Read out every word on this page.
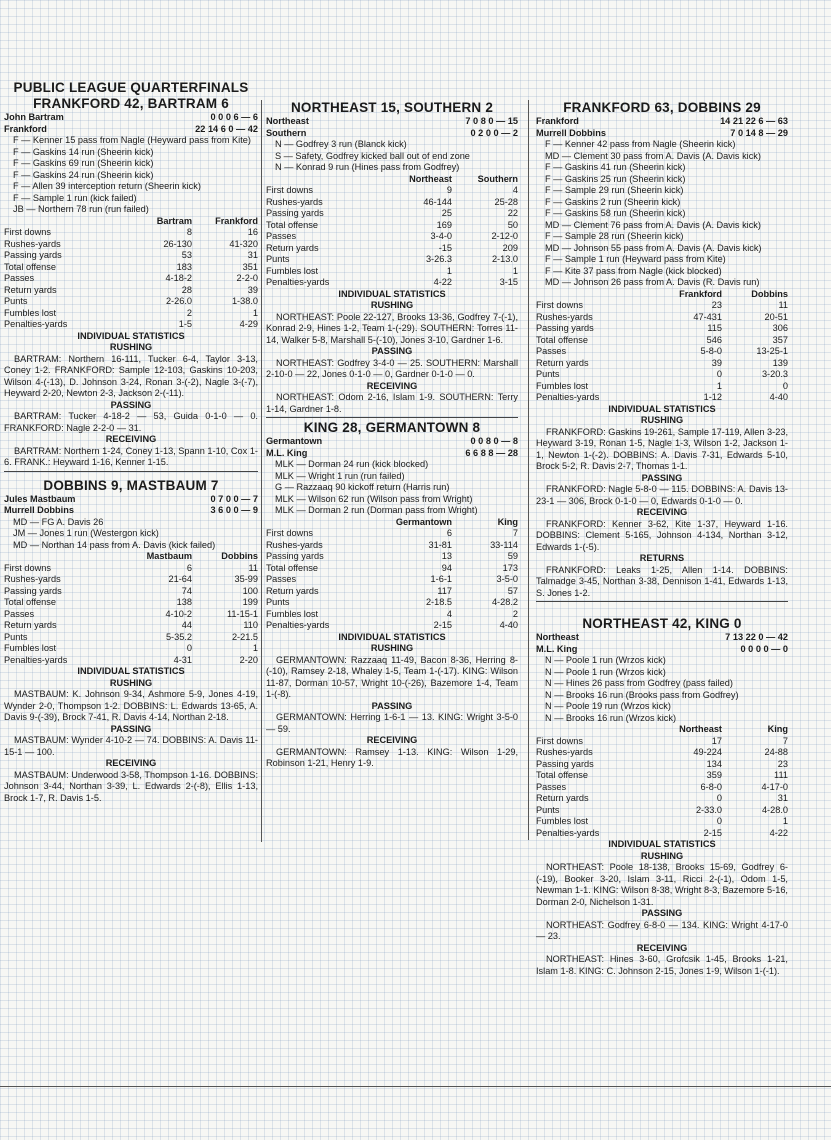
PUBLIC LEAGUE QUARTERFINALS
FRANKFORD 42, BARTRAM 6
John Bartram	0 0 0 6 — 6
Frankford	22 14 6 0 — 42
F — Kenner 15 pass from Nagle (Heyward pass from Kite)
F — Gaskins 14 run (Sheerin kick)
F — Gaskins 69 run (Sheerin kick)
F — Gaskins 24 run (Sheerin kick)
F — Allen 39 interception return (Sheerin kick)
F — Sample 1 run (kick failed)
JB — Northern 78 run (run failed)
Bartram	Frankford
First downs	8	16
Rushes-yards	26-130	41-320
Passing yards	53	31
Total offense	183	351
Passes	4-18-2	2-2-0
Return yards	28	39
Punts	2-26.0	1-38.0
Fumbles lost	2	1
Penalties-yards	1-5	4-29
INDIVIDUAL STATISTICS
RUSHING
BARTRAM: Northern 16-111, Tucker 6-4, Taylor 3-13, Coney 1-2. FRANKFORD: Sample 12-103, Gaskins 10-203, Wilson 4-(-13), D. Johnson 3-24, Ronan 3-(-2), Nagle 3-(-7), Heyward 2-20, Newton 2-3, Jackson 2-(-11).
PASSING
BARTRAM: Tucker 4-18-2 — 53, Guida 0-1-0 — 0. FRANKFORD: Nagle 2-2-0 — 31.
RECEIVING
BARTRAM: Northern 1-24, Coney 1-13, Spann 1-10, Cox 1-6. FRANK.: Heyward 1-16, Kenner 1-15.
DOBBINS 9, MASTBAUM 7
Jules Mastbaum	0 7 0 0 — 7
Murrell Dobbins	3 6 0 0 — 9
MD — FG A. Davis 26
JM — Jones 1 run (Westergon kick)
MD — Northan 14 pass from A. Davis (kick failed)
Mastbaum	Dobbins
First downs	6	11
Rushes-yards	21-64	35-99
Passing yards	74	100
Total offense	138	199
Passes	4-10-2	11-15-1
Return yards	44	110
Punts	5-35.2	2-21.5
Fumbles lost	0	1
Penalties-yards	4-31	2-20
INDIVIDUAL STATISTICS
RUSHING
MASTBAUM: K. Johnson 9-34, Ashmore 5-9, Jones 4-19, Wynder 2-0, Thompson 1-2. DOBBINS: L. Edwards 13-65, A. Davis 9-(-39), Brock 7-41, R. Davis 4-14, Northan 2-18.
PASSING
MASTBAUM: Wynder 4-10-2 — 74. DOBBINS: A. Davis 11-15-1 — 100.
RECEIVING
MASTBAUM: Underwood 3-58, Thompson 1-16. DOBBINS: Johnson 3-44, Northan 3-39, L. Edwards 2-(-8), Ellis 1-13, Brock 1-7, R. Davis 1-5.
NORTHEAST 15, SOUTHERN 2
Northeast	7 0 8 0 — 15
Southern	0 2 0 0 — 2
N — Godfrey 3 run (Blanck kick)
S — Safety, Godfrey kicked ball out of end zone
N — Konrad 9 run (Hines pass from Godfrey)
Northeast	Southern
First downs	9	4
Rushes-yards	46-144	25-28
Passing yards	25	22
Total offense	169	50
Passes	3-4-0	2-12-0
Return yards	-15	209
Punts	3-26.3	2-13.0
Fumbles lost	1	1
Penalties-yards	4-22	3-15
INDIVIDUAL STATISTICS
RUSHING
NORTHEAST: Poole 22-127, Brooks 13-36, Godfrey 7-(-1), Konrad 2-9, Hines 1-2, Team 1-(-29). SOUTHERN: Torres 11-14, Walker 5-8, Marshall 5-(-10), Jones 3-10, Gardner 1-6.
PASSING
NORTHEAST: Godfrey 3-4-0 — 25. SOUTHERN: Marshall 2-10-0 — 22, Jones 0-1-0 — 0, Gardner 0-1-0 — 0.
RECEIVING
NORTHEAST: Odom 2-16, Islam 1-9. SOUTHERN: Terry 1-14, Gardner 1-8.
KING 28, GERMANTOWN 8
Germantown	0 0 8 0 — 8
M.L. King	6 6 8 8 — 28
MLK — Dorman 24 run (kick blocked)
MLK — Wright 1 run (run failed)
G — Razzaaq 90 kickoff return (Harris run)
MLK — Wilson 62 run (Wilson pass from Wright)
MLK — Dorman 2 run (Dorman pass from Wright)
Germantown	King
First downs	6	7
Rushes-yards	31-81	33-114
Passing yards	13	59
Total offense	94	173
Passes	1-6-1	3-5-0
Return yards	117	57
Punts	2-18.5	4-28.2
Fumbles lost	4	2
Penalties-yards	2-15	4-40
INDIVIDUAL STATISTICS
RUSHING
GERMANTOWN: Razzaaq 11-49, Bacon 8-36, Herring 8-(-10), Ramsey 2-18, Whaley 1-5, Team 1-(-17). KING: Wilson 11-87, Dorman 10-57, Wright 10-(-26), Bazemore 1-4, Team 1-(-8).
PASSING
GERMANTOWN: Herring 1-6-1 — 13. KING: Wright 3-5-0 — 59.
RECEIVING
GERMANTOWN: Ramsey 1-13. KING: Wilson 1-29, Robinson 1-21, Henry 1-9.
FRANKFORD 63, DOBBINS 29
Frankford	14 21 22 6 — 63
Murrell Dobbins	7 0 14 8 — 29
F — Kenner 42 pass from Nagle (Sheerin kick)
MD — Clement 30 pass from A. Davis (A. Davis kick)
F — Gaskins 41 run (Sheerin kick)
F — Gaskins 25 run (Sheerin kick)
F — Sample 29 run (Sheerin kick)
F — Gaskins 2 run (Sheerin kick)
F — Gaskins 58 run (Sheerin kick)
MD — Clement 76 pass from A. Davis (A. Davis kick)
F — Sample 28 run (Sheerin kick)
MD — Johnson 55 pass from A. Davis (A. Davis kick)
F — Sample 1 run (Heyward pass from Kite)
F — Kite 37 pass from Nagle (kick blocked)
MD — Johnson 26 pass from A. Davis (R. Davis run)
Frankford	Dobbins
First downs	23	11
Rushes-yards	47-431	20-51
Passing yards	115	306
Total offense	546	357
Passes	5-8-0	13-25-1
Return yards	39	139
Punts	0	3-20.3
Fumbles lost	1	0
Penalties-yards	1-12	4-40
INDIVIDUAL STATISTICS
RUSHING
FRANKFORD: Gaskins 19-261, Sample 17-119, Allen 3-23, Heyward 3-19, Ronan 1-5, Nagle 1-3, Wilson 1-2, Jackson 1-1, Newton 1-(-2). DOBBINS: A. Davis 7-31, Edwards 5-10, Brock 5-2, R. Davis 2-7, Thomas 1-1.
PASSING
FRANKFORD: Nagle 5-8-0 — 115. DOBBINS: A. Davis 13-23-1 — 306, Brock 0-1-0 — 0, Edwards 0-1-0 — 0.
RECEIVING
FRANKFORD: Kenner 3-62, Kite 1-37, Heyward 1-16. DOBBINS: Clement 5-165, Johnson 4-134, Northan 3-12, Edwards 1-(-5).
RETURNS
FRANKFORD: Leaks 1-25, Allen 1-14. DOBBINS: Talmadge 3-45, Northan 3-38, Dennison 1-41, Edwards 1-13, S. Jones 1-2.
NORTHEAST 42, KING 0
Northeast	7 13 22 0 — 42
M.L. King	0 0 0 0 — 0
N — Poole 1 run (Wrzos kick)
N — Poole 1 run (Wrzos kick)
N — Hines 26 pass from Godfrey (pass failed)
N — Brooks 16 run (Brooks pass from Godfrey)
N — Poole 19 run (Wrzos kick)
N — Brooks 16 run (Wrzos kick)
Northeast	King
First downs	17	7
Rushes-yards	49-224	24-88
Passing yards	134	23
Total offense	359	111
Passes	6-8-0	4-17-0
Return yards	0	31
Punts	2-33.0	4-28.0
Fumbles lost	0	1
Penalties-yards	2-15	4-22
INDIVIDUAL STATISTICS
RUSHING
NORTHEAST: Poole 18-138, Brooks 15-69, Godfrey 6-(-19), Booker 3-20, Islam 3-11, Ricci 2-(-1), Odom 1-5, Newman 1-1. KING: Wilson 8-38, Wright 8-3, Bazemore 5-16, Dorman 2-0, Nichelson 1-31.
PASSING
NORTHEAST: Godfrey 6-8-0 — 134. KING: Wright 4-17-0 — 23.
RECEIVING
NORTHEAST: Hines 3-60, Grofcsik 1-45, Brooks 1-21, Islam 1-8. KING: C. Johnson 2-15, Jones 1-9, Wilson 1-(-1).
